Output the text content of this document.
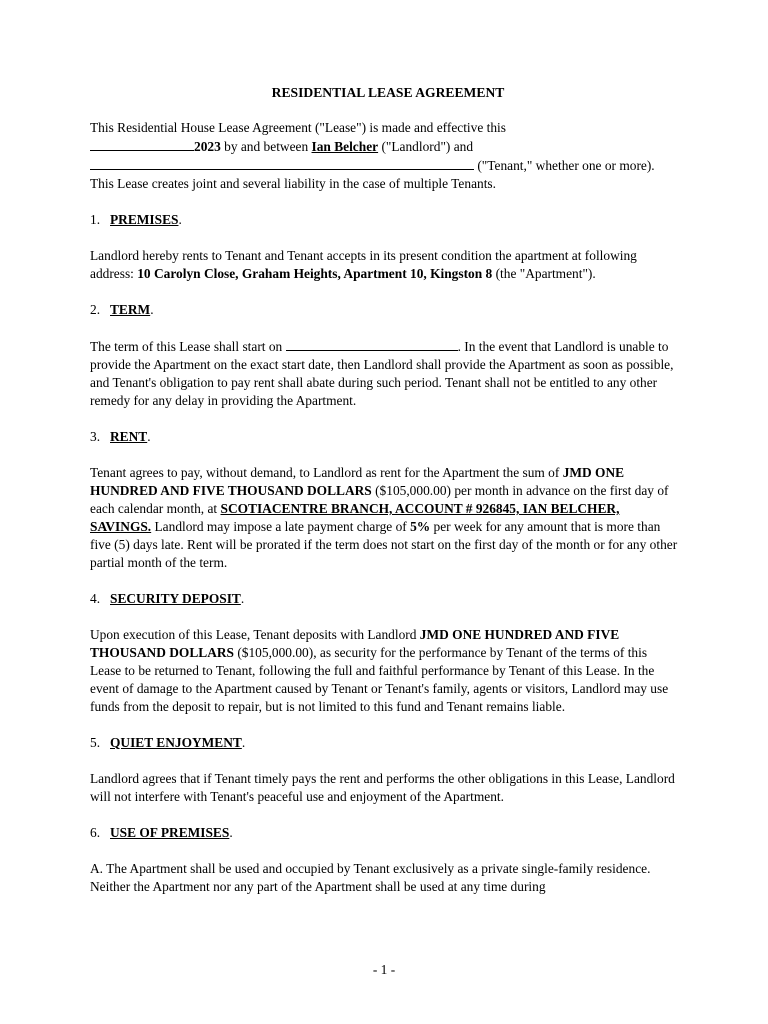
RESIDENTIAL LEASE AGREEMENT

This Residential House Lease Agreement ("Lease") is made and effective this
2023 by and between Ian Belcher ("Landlord") and
("Tenant," whether one or more). This Lease creates joint and several liability in the case of multiple Tenants.

1. PREMISES.

Landlord hereby rents to Tenant and Tenant accepts in its present condition the apartment at following address: 10 Carolyn Close, Graham Heights, Apartment 10, Kingston 8 (the "Apartment").

2. TERM.

The term of this Lease shall start on	. In the event that Landlord is unable to provide the Apartment on the exact start date, then Landlord shall provide the Apartment as soon as possible, and Tenant's obligation to pay rent shall abate during such period. Tenant shall not be entitled to any other remedy for any delay in providing the Apartment.

3. RENT.

Tenant agrees to pay, without demand, to Landlord as rent for the Apartment the sum of JMD ONE HUNDRED AND FIVE THOUSAND DOLLARS ($105,000.00) per month in advance on the first day of each calendar month, at SCOTIACENTRE BRANCH, ACCOUNT # 926845, IAN BELCHER, SAVINGS. Landlord may impose a late payment charge of 5% per week for any amount that is more than five (5) days late. Rent will be prorated if the term does not start on the first day of the month or for any other partial month of the term.

4. SECURITY DEPOSIT.

Upon execution of this Lease, Tenant deposits with Landlord JMD ONE HUNDRED AND FIVE THOUSAND DOLLARS ($105,000.00), as security for the performance by Tenant of the terms of this Lease to be returned to Tenant, following the full and faithful performance by Tenant of this Lease. In the event of damage to the Apartment caused by Tenant or Tenant's family, agents or visitors, Landlord may use funds from the deposit to repair, but is not limited to this fund and Tenant remains liable.

5. QUIET ENJOYMENT.

Landlord agrees that if Tenant timely pays the rent and performs the other obligations in this Lease, Landlord will not interfere with Tenant's peaceful use and enjoyment of the Apartment.

6. USE OF PREMISES.

A. The Apartment shall be used and occupied by Tenant exclusively as a private single-family residence. Neither the Apartment nor any part of the Apartment shall be used at any time during

- 1 -
